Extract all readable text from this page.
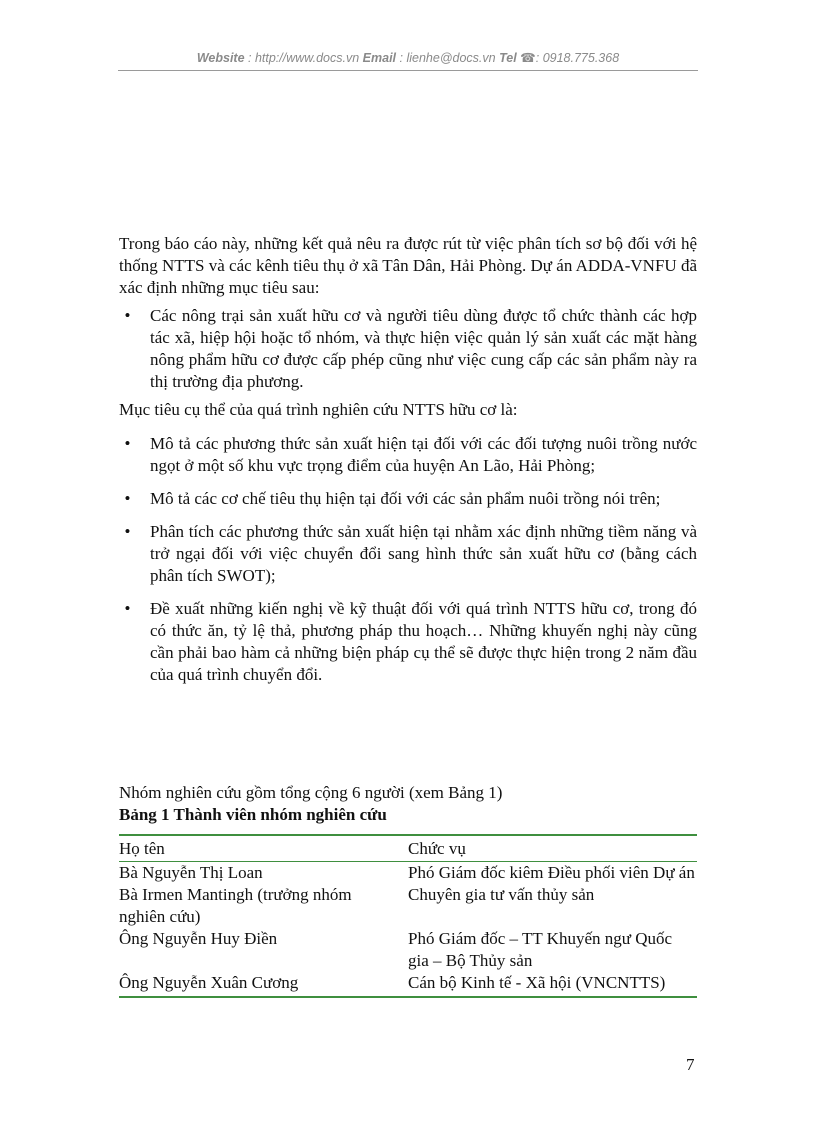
Website : http://www.docs.vn Email : lienhe@docs.vn Tel ☎: 0918.775.368

Trong báo cáo này, những kết quả nêu ra được rút từ việc phân tích sơ bộ đối với hệ thống NTTS và các kênh tiêu thụ ở xã Tân Dân, Hải Phòng. Dự án ADDA-VNFU đã xác định những mục tiêu sau:

•	Các nông trại sản xuất hữu cơ và người tiêu dùng được tổ chức thành các hợp tác xã, hiệp hội hoặc tổ nhóm, và thực hiện việc quản lý sản xuất các mặt hàng nông phẩm hữu cơ được cấp phép cũng như việc cung cấp các sản phẩm này ra thị trường địa phương.

Mục tiêu cụ thể của quá trình nghiên cứu NTTS hữu cơ là:

•	Mô tả các phương thức sản xuất hiện tại đối với các đối tượng nuôi trồng nước ngọt ở một số khu vực trọng điểm của huyện An Lão, Hải Phòng;
•	Mô tả các cơ chế tiêu thụ hiện tại đối với các sản phẩm nuôi trồng nói trên;
•	Phân tích các phương thức sản xuất hiện tại nhằm xác định những tiềm năng và trở ngại đối với việc chuyển đổi sang hình thức sản xuất hữu cơ (bằng cách phân tích SWOT);
•	Đề xuất những kiến nghị về kỹ thuật đối với quá trình NTTS hữu cơ, trong đó có thức ăn, tỷ lệ thả, phương pháp thu hoạch… Những khuyến nghị này cũng cần phải bao hàm cả những biện pháp cụ thể sẽ được thực hiện trong 2 năm đầu của quá trình chuyển đổi.

Nhóm nghiên cứu gồm tổng cộng 6 người (xem Bảng 1)

Bảng 1 Thành viên nhóm nghiên cứu

Họ tên	Chức vụ
Bà Nguyễn Thị Loan	Phó Giám đốc kiêm Điều phối viên Dự án
Bà Irmen Mantingh (trưởng nhóm nghiên cứu)	Chuyên gia tư vấn thủy sản
Ông Nguyễn Huy Điền	Phó Giám đốc – TT Khuyến ngư Quốc gia – Bộ Thủy sản
Ông Nguyễn Xuân Cương	Cán bộ Kinh tế - Xã hội (VNCNTTS)
7
